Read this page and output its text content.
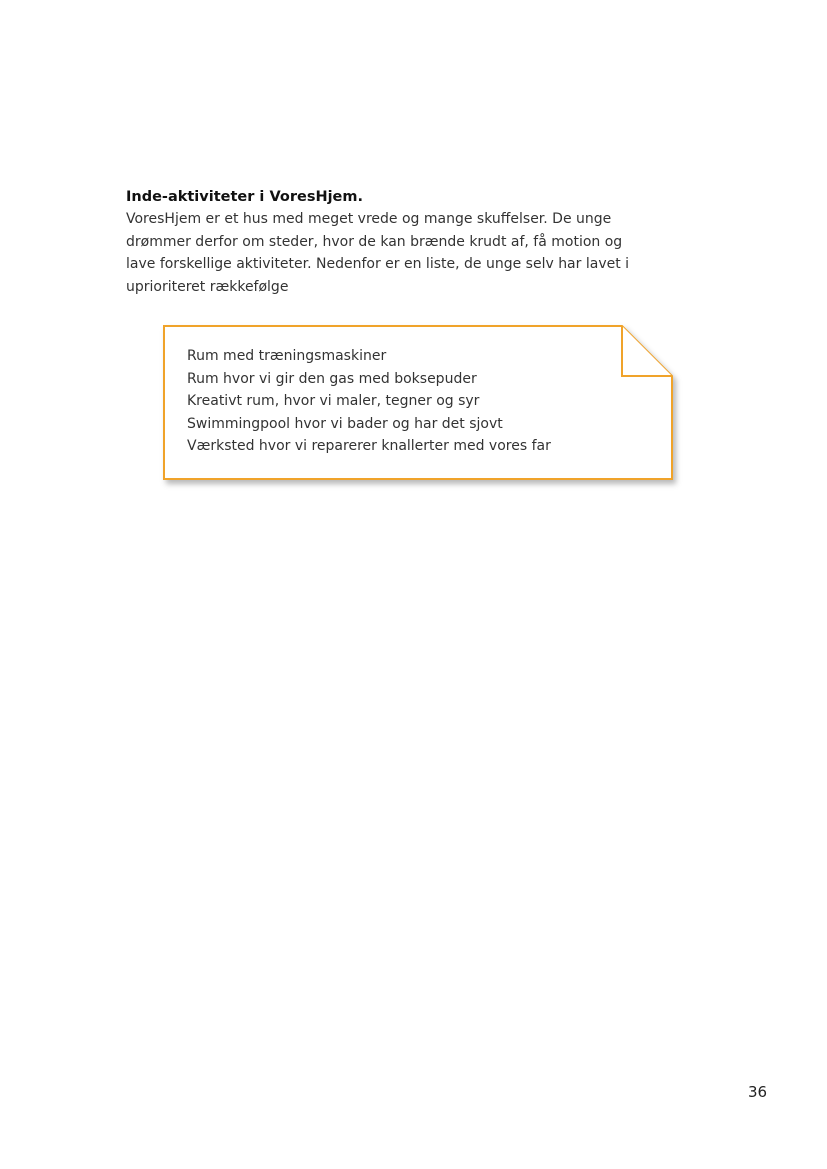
Inde-aktiviteter i VoresHjem.

VoresHjem er et hus med meget vrede og mange skuffelser. De unge
drømmer derfor om steder, hvor de kan brænde krudt af, få motion og
lave forskellige aktiviteter. Nedenfor er en liste, de unge selv har lavet i
uprioriteret rækkefølge

Rum med træningsmaskiner
Rum hvor vi gir den gas med boksepuder
Kreativt rum, hvor vi maler, tegner og syr
Swimmingpool hvor vi bader og har det sjovt
Værksted hvor vi reparerer knallerter med vores far
36
